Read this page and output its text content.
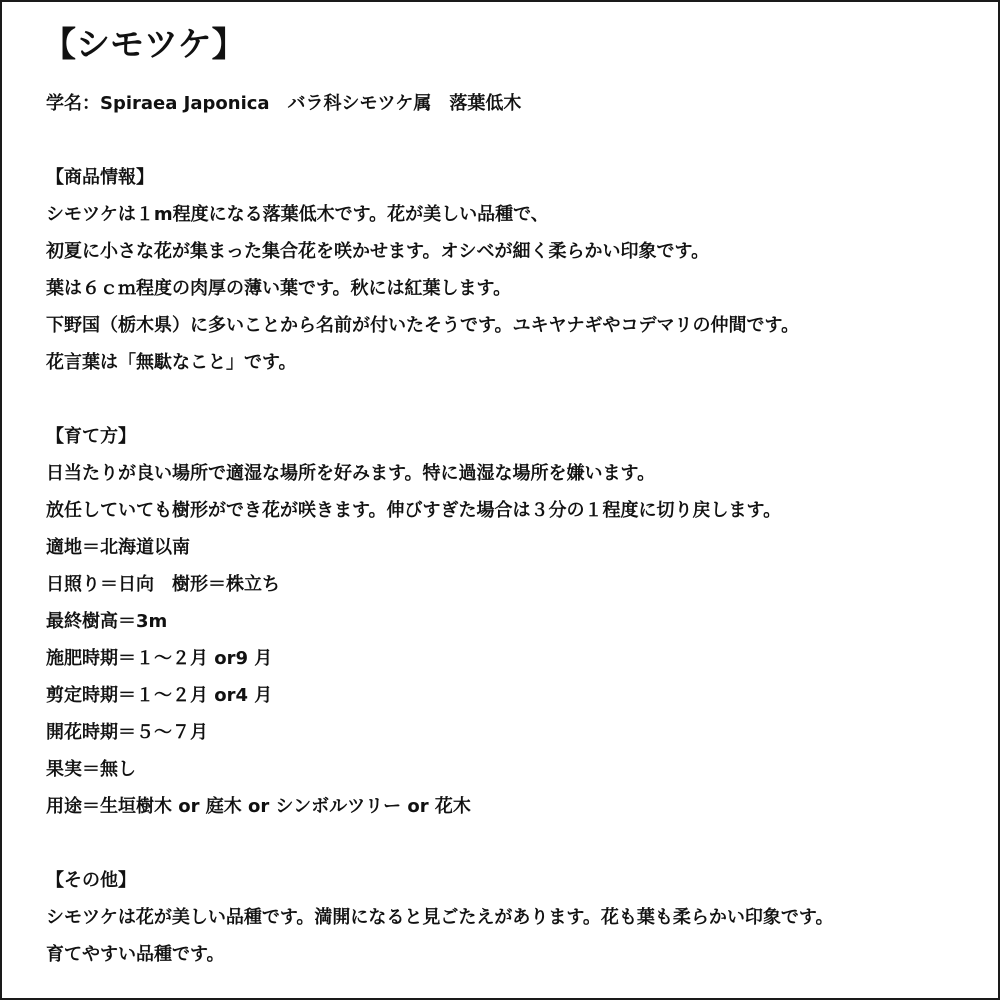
【シモツケ】
学名：Spiraea Japonica　バラ科シモツケ属　落葉低木
【商品情報】
シモツケは１m程度になる落葉低木です。花が美しい品種で、
初夏に小さな花が集まった集合花を咲かせます。オシベが細く柔らかい印象です。
葉は６ｃｍ程度の肉厚の薄い葉です。秋には紅葉します。
下野国（栃木県）に多いことから名前が付いたそうです。ユキヤナギやコデマリの仲間です。
花言葉は「無駄なこと」です。
【育て方】
日当たりが良い場所で適湿な場所を好みます。特に過湿な場所を嫌います。
放任していても樹形ができ花が咲きます。伸びすぎた場合は３分の１程度に切り戻します。
適地＝北海道以南
日照り＝日向　樹形＝株立ち
最終樹高＝3m
施肥時期＝１～２月 or9 月
剪定時期＝１～２月 or4 月
開花時期＝５～７月
果実＝無し
用途＝生垣樹木 or 庭木 or シンボルツリー or 花木
【その他】
シモツケは花が美しい品種です。満開になると見ごたえがあります。花も葉も柔らかい印象です。
育てやすい品種です。
